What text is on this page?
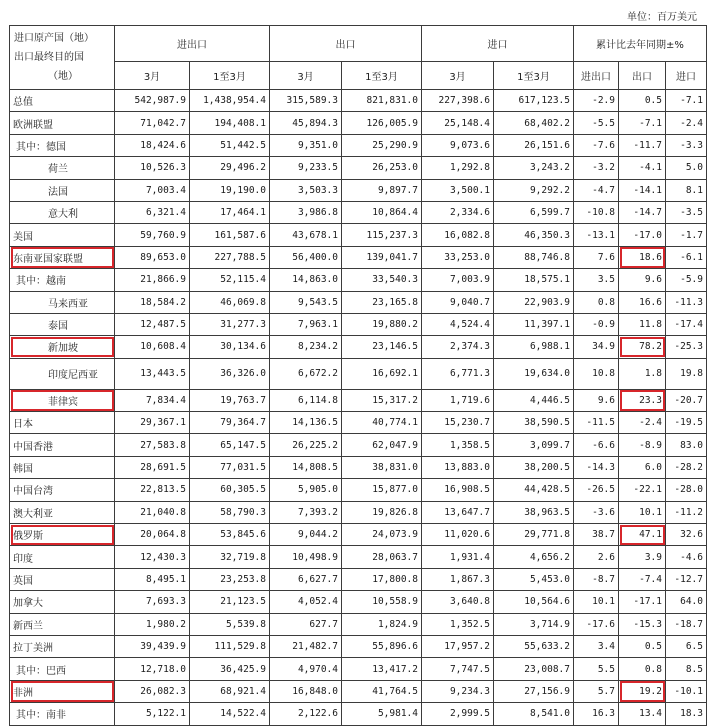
单位：百万美元
进口原产国（地）
出口最终目的国
（地）	进出口		出口		进口		累计比去年同期±%		
	3月	1至3月	3月	1至3月	3月	1至3月	进出口	出口	进口
总值	542,987.9	1,438,954.4	315,589.3	821,831.0	227,398.6	617,123.5	-2.9	0.5	-7.1
欧洲联盟	71,042.7	194,408.1	45,894.3	126,005.9	25,148.4	68,402.2	-5.5	-7.1	-2.4
其中：德国	18,424.6	51,442.5	9,351.0	25,290.9	9,073.6	26,151.6	-7.6	-11.7	-3.3
荷兰	10,526.3	29,496.2	9,233.5	26,253.0	1,292.8	3,243.2	-3.2	-4.1	5.0
法国	7,003.4	19,190.0	3,503.3	9,897.7	3,500.1	9,292.2	-4.7	-14.1	8.1
意大利	6,321.4	17,464.1	3,986.8	10,864.4	2,334.6	6,599.7	-10.8	-14.7	-3.5
美国	59,760.9	161,587.6	43,678.1	115,237.3	16,082.8	46,350.3	-13.1	-17.0	-1.7
东南亚国家联盟	89,653.0	227,788.5	56,400.0	139,041.7	33,253.0	88,746.8	7.6	18.6	-6.1
其中：越南	21,866.9	52,115.4	14,863.0	33,540.3	7,003.9	18,575.1	3.5	9.6	-5.9
马来西亚	18,584.2	46,069.8	9,543.5	23,165.8	9,040.7	22,903.9	0.8	16.6	-11.3
泰国	12,487.5	31,277.3	7,963.1	19,880.2	4,524.4	11,397.1	-0.9	11.8	-17.4
新加坡	10,608.4	30,134.6	8,234.2	23,146.5	2,374.3	6,988.1	34.9	78.2	-25.3
印度尼西亚	13,443.5	36,326.0	6,672.2	16,692.1	6,771.3	19,634.0	10.8	1.8	19.8
菲律宾	7,834.4	19,763.7	6,114.8	15,317.2	1,719.6	4,446.5	9.6	23.3	-20.7
日本	29,367.1	79,364.7	14,136.5	40,774.1	15,230.7	38,590.5	-11.5	-2.4	-19.5
中国香港	27,583.8	65,147.5	26,225.2	62,047.9	1,358.5	3,099.7	-6.6	-8.9	83.0
韩国	28,691.5	77,031.5	14,808.5	38,831.0	13,883.0	38,200.5	-14.3	6.0	-28.2
中国台湾	22,813.5	60,305.5	5,905.0	15,877.0	16,908.5	44,428.5	-26.5	-22.1	-28.0
澳大利亚	21,040.8	58,790.3	7,393.2	19,826.8	13,647.7	38,963.5	-3.6	10.1	-11.2
俄罗斯	20,064.8	53,845.6	9,044.2	24,073.9	11,020.6	29,771.8	38.7	47.1	32.6
印度	12,430.3	32,719.8	10,498.9	28,063.7	1,931.4	4,656.2	2.6	3.9	-4.6
英国	8,495.1	23,253.8	6,627.7	17,800.8	1,867.3	5,453.0	-8.7	-7.4	-12.7
加拿大	7,693.3	21,123.5	4,052.4	10,558.9	3,640.8	10,564.6	10.1	-17.1	64.0
新西兰	1,980.2	5,539.8	627.7	1,824.9	1,352.5	3,714.9	-17.6	-15.3	-18.7
拉丁美洲	39,439.9	111,529.8	21,482.7	55,896.6	17,957.2	55,633.2	3.4	0.5	6.5
其中：巴西	12,718.0	36,425.9	4,970.4	13,417.2	7,747.5	23,008.7	5.5	0.8	8.5
非洲	26,082.3	68,921.4	16,848.0	41,764.5	9,234.3	27,156.9	5.7	19.2	-10.1
其中：南非	5,122.1	14,522.4	2,122.6	5,981.4	2,999.5	8,541.0	16.3	13.4	18.3
